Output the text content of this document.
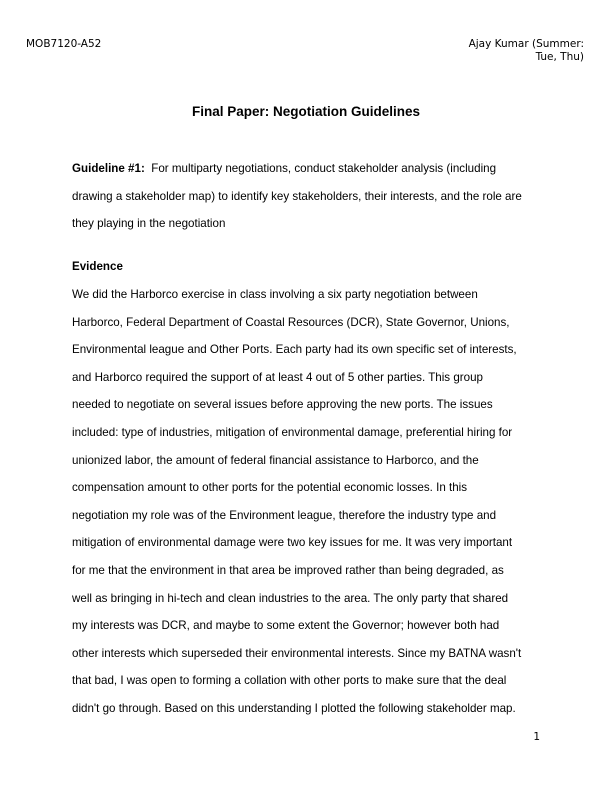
MOB7120-A52	Ajay Kumar (Summer:
Tue, Thu)
Final Paper: Negotiation Guidelines
Guideline #1: For multiparty negotiations, conduct stakeholder analysis (including
drawing a stakeholder map) to identify key stakeholders, their interests, and the role are
they playing in the negotiation
Evidence
We did the Harborco exercise in class involving a six party negotiation between
Harborco, Federal Department of Coastal Resources (DCR), State Governor, Unions,
Environmental league and Other Ports. Each party had its own specific set of interests,
and Harborco required the support of at least 4 out of 5 other parties. This group
needed to negotiate on several issues before approving the new ports. The issues
included: type of industries, mitigation of environmental damage, preferential hiring for
unionized labor, the amount of federal financial assistance to Harborco, and the
compensation amount to other ports for the potential economic losses. In this
negotiation my role was of the Environment league, therefore the industry type and
mitigation of environmental damage were two key issues for me. It was very important
for me that the environment in that area be improved rather than being degraded, as
well as bringing in hi-tech and clean industries to the area. The only party that shared
my interests was DCR, and maybe to some extent the Governor; however both had
other interests which superseded their environmental interests. Since my BATNA wasn't
that bad, I was open to forming a collation with other ports to make sure that the deal
didn't go through. Based on this understanding I plotted the following stakeholder map.
1
